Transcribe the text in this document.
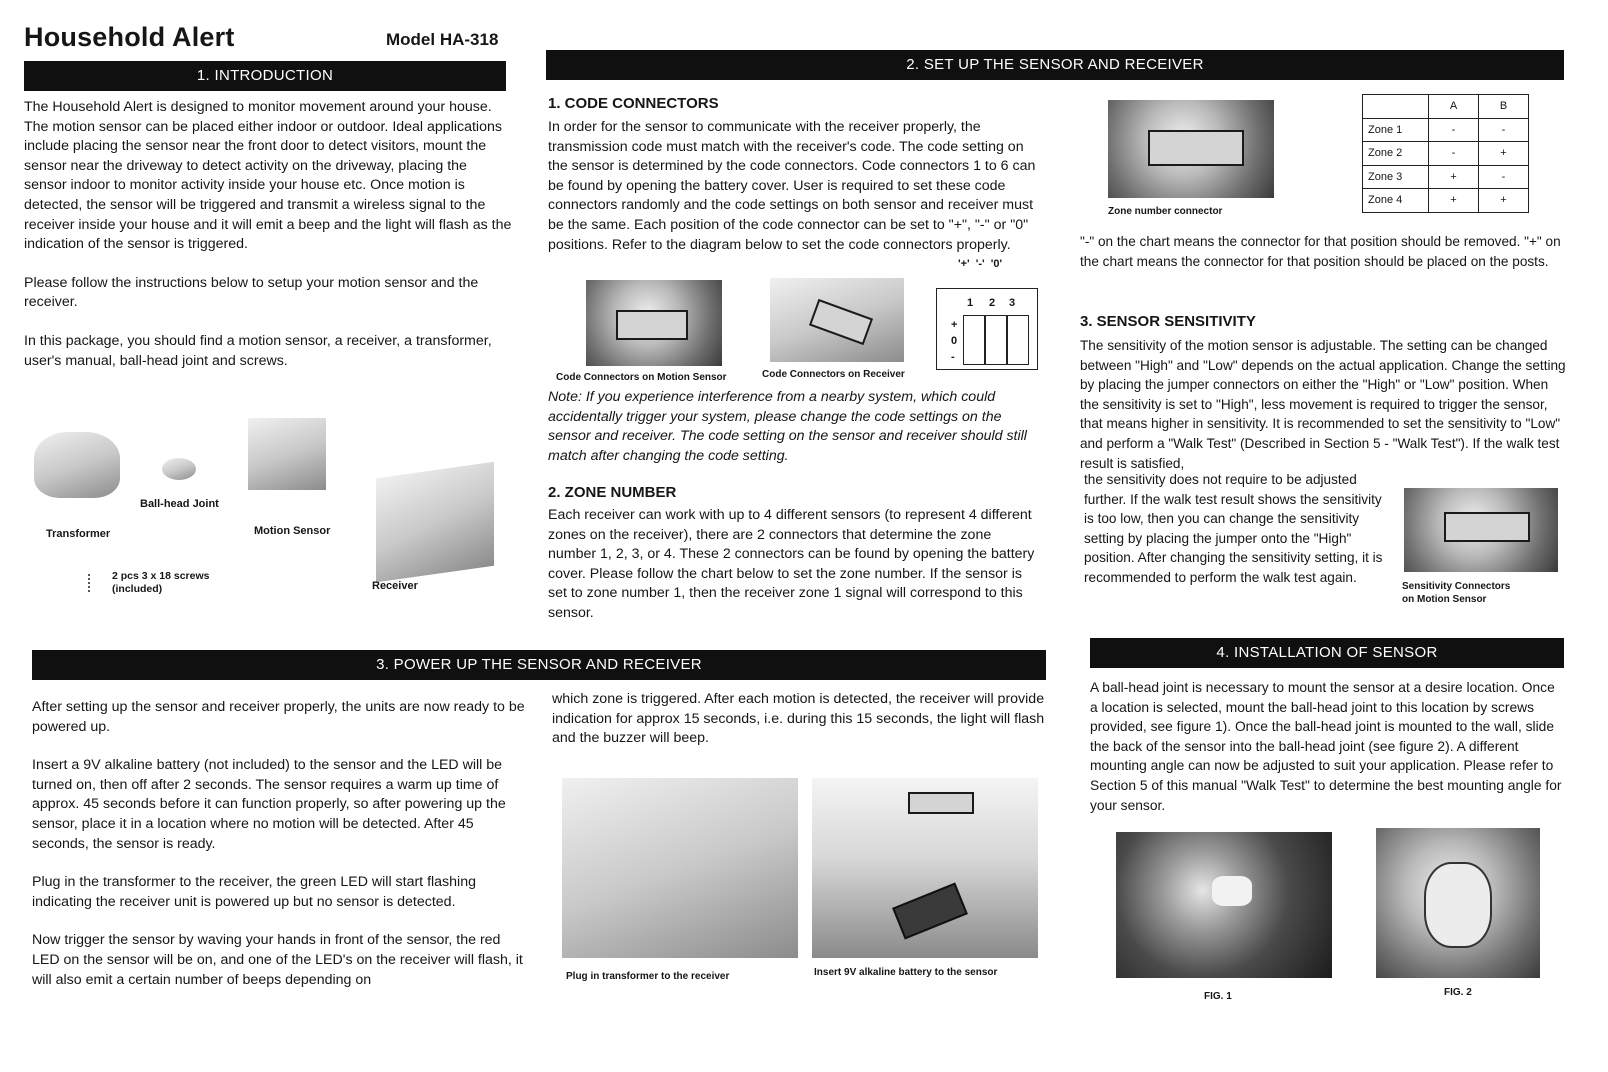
Household Alert	Model HA-318
1. INTRODUCTION

The Household Alert is designed to monitor movement around your house. The motion sensor can be placed either indoor or outdoor. Ideal applications include placing the sensor near the front door to detect visitors, mount the sensor near the driveway to detect activity on the driveway, placing the sensor indoor to monitor activity inside your house etc. Once motion is detected, the sensor will be triggered and transmit a wireless signal to the receiver inside your house and it will emit a beep and the light will flash as the indication of the sensor is triggered.

Please follow the instructions below to setup your motion sensor and the receiver.

In this package, you should find a motion sensor, a receiver, a transformer, user's manual, ball-head joint and screws.

Transformer
Ball-head Joint
Motion Sensor
2 pcs 3 x 18 screws
(included)	Receiver
2. SET UP THE SENSOR AND RECEIVER
1. CODE CONNECTORS
In order for the sensor to communicate with the receiver properly, the transmission code must match with the receiver's code. The code setting on the sensor is determined by the code connectors. Code connectors 1 to 6 can be found by opening the battery cover. User is required to set these code connectors randomly and the code settings on both sensor and receiver must be the same. Each position of the code connector can be set to "+", "-" or "0" positions. Refer to the diagram below to set the code connectors properly.
Code Connectors on Motion Sensor	Code Connectors on Receiver
'+'  '-'  '0'
1 2 3
+
0
-
Note: If you experience interference from a nearby system, which could accidentally trigger your system, please change the code settings on the sensor and receiver. The code setting on the sensor and receiver should still match after changing the code setting.
2. ZONE NUMBER
Each receiver can work with up to 4 different sensors (to represent 4 different zones on the receiver), there are 2 connectors that determine the zone number 1, 2, 3, or 4. These 2 connectors can be found by opening the battery cover. Please follow the chart below to set the zone number. If the sensor is set to zone number 1, then the receiver zone 1 signal will correspond to this sensor.
Zone number connector
	A	B
Zone 1	-	-
Zone 2	-	+
Zone 3	+	-
Zone 4	+	+
"-" on the chart means the connector for that position should be removed. "+" on the chart means the connector for that position should be placed on the posts.
3. SENSOR SENSITIVITY
The sensitivity of the motion sensor is adjustable. The setting can be changed between "High" and "Low" depends on the actual application. Change the setting by placing the jumper connectors on either the "High" or "Low" position. When the sensitivity is set to "High", less movement is required to trigger the sensor, that means higher in sensitivity. It is recommended to set the sensitivity to "Low" and perform a "Walk Test" (Described in Section 5 - "Walk Test"). If the walk test result is satisfied,
the sensitivity does not require to be adjusted further. If the walk test result shows the sensitivity is too low, then you can change the sensitivity setting by placing the jumper onto the "High" position. After changing the sensitivity setting, it is recommended to perform the walk test again.
Sensitivity Connectors
on Motion Sensor
3. POWER UP THE SENSOR AND RECEIVER

After setting up the sensor and receiver properly, the units are now ready to be powered up.

Insert a 9V alkaline battery (not included) to the sensor and the LED will be turned on, then off after 2 seconds. The sensor requires a warm up time of approx. 45 seconds before it can function properly, so after powering up the sensor, place it in a location where no motion will be detected. After 45 seconds, the sensor is ready.

Plug in the transformer to the receiver, the green LED will start flashing indicating the receiver unit is powered up but no sensor is detected.

Now trigger the sensor by waving your hands in front of the sensor, the red LED on the sensor will be on, and one of the LED's on the receiver will flash, it will also emit a certain number of beeps depending on

which zone is triggered. After each motion is detected, the receiver will provide indication for approx 15 seconds, i.e. during this 15 seconds, the light will flash and the buzzer will beep.
Plug in transformer to the receiver	Insert 9V alkaline battery to the sensor
4. INSTALLATION OF SENSOR
A ball-head joint is necessary to mount the sensor at a desire location. Once a location is selected, mount the ball-head joint to this location by screws provided, see figure 1). Once the ball-head joint is mounted to the wall, slide the back of the sensor into the ball-head joint (see figure 2). A different mounting angle can now be adjusted to suit your application. Please refer to Section 5 of this manual "Walk Test" to determine the best mounting angle for your sensor.
FIG. 1	FIG. 2
